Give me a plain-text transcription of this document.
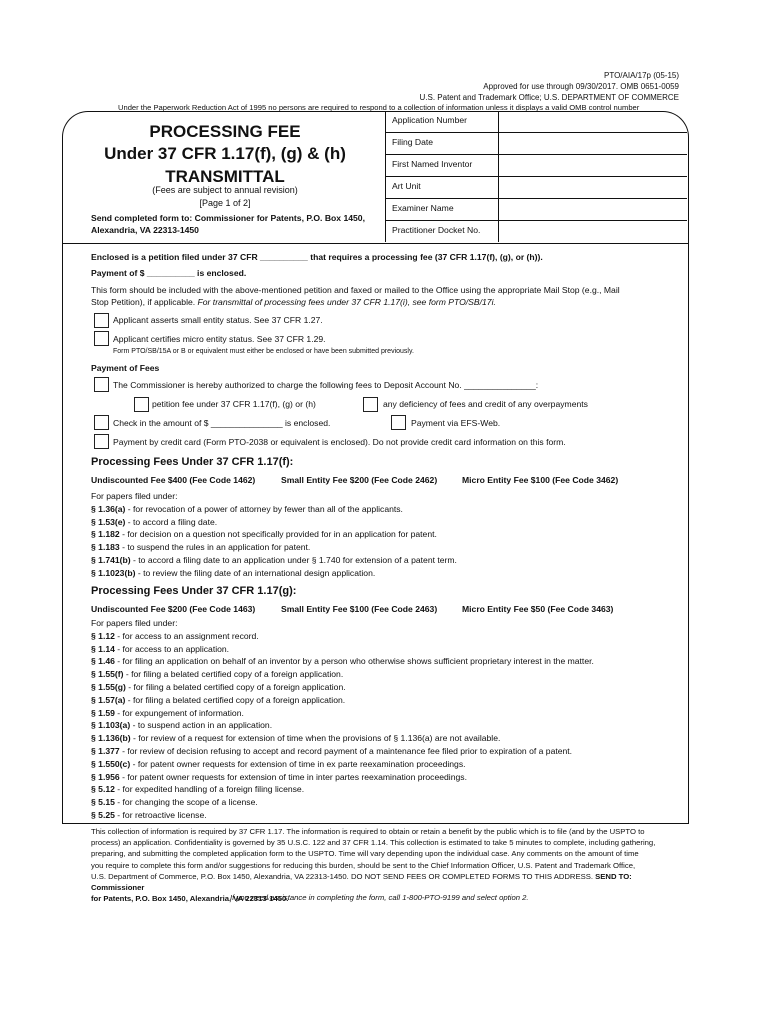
PTO/AIA/17p (05-15)
Approved for use through 09/30/2017. OMB 0651-0059
U.S. Patent and Trademark Office; U.S. DEPARTMENT OF COMMERCE
Under the Paperwork Reduction Act of 1995 no persons are required to respond to a collection of information unless it displays a valid OMB control number
PROCESSING FEE
Under 37 CFR 1.17(f), (g) & (h)
TRANSMITTAL
(Fees are subject to annual revision)
[Page 1 of 2]
Send completed form to: Commissioner for Patents, P.O. Box 1450,
Alexandria, VA 22313-1450
Application Number
Filing Date
First Named Inventor
Art Unit
Examiner Name
Practitioner Docket No.
Enclosed is a petition filed under 37 CFR __________ that requires a processing fee (37 CFR 1.17(f), (g), or (h)).
Payment of $ __________ is enclosed.
This form should be included with the above-mentioned petition and faxed or mailed to the Office using the appropriate Mail Stop (e.g., Mail
Stop Petition), if applicable. For transmittal of processing fees under 37 CFR 1.17(i), see form PTO/SB/17i.
Applicant asserts small entity status. See 37 CFR 1.27.
Applicant certifies micro entity status. See 37 CFR 1.29.
Form PTO/SB/15A or B or equivalent must either be enclosed or have been submitted previously.
Payment of Fees
The Commissioner is hereby authorized to charge the following fees to Deposit Account No. _______________:
petition fee under 37 CFR 1.17(f), (g) or (h)	any deficiency of fees and credit of any overpayments
Check in the amount of $ _______________ is enclosed.	Payment via EFS-Web.
Payment by credit card (Form PTO-2038 or equivalent is enclosed). Do not provide credit card information on this form.
Processing Fees Under 37 CFR 1.17(f):
Undiscounted Fee $400 (Fee Code 1462)	Small Entity Fee $200 (Fee Code 2462)	Micro Entity Fee $100 (Fee Code 3462)
For papers filed under:
§ 1.36(a) - for revocation of a power of attorney by fewer than all of the applicants.
§ 1.53(e) - to accord a filing date.
§ 1.182 - for decision on a question not specifically provided for in an application for patent.
§ 1.183 - to suspend the rules in an application for patent.
§ 1.741(b) - to accord a filing date to an application under § 1.740 for extension of a patent term.
§ 1.1023(b) - to review the filing date of an international design application.
Processing Fees Under 37 CFR 1.17(g):
Undiscounted Fee $200 (Fee Code 1463)	Small Entity Fee $100 (Fee Code 2463)	Micro Entity Fee $50 (Fee Code 3463)
For papers filed under:
§ 1.12 - for access to an assignment record.
§ 1.14 - for access to an application.
§ 1.46 - for filing an application on behalf of an inventor by a person who otherwise shows sufficient proprietary interest in the matter.
§ 1.55(f) - for filing a belated certified copy of a foreign application.
§ 1.55(g) - for filing a belated certified copy of a foreign application.
§ 1.57(a) - for filing a belated certified copy of a foreign application.
§ 1.59 - for expungement of information.
§ 1.103(a) - to suspend action in an application.
§ 1.136(b) - for review of a request for extension of time when the provisions of § 1.136(a) are not available.
§ 1.377 - for review of decision refusing to accept and record payment of a maintenance fee filed prior to expiration of a patent.
§ 1.550(c) - for patent owner requests for extension of time in ex parte reexamination proceedings.
§ 1.956 - for patent owner requests for extension of time in inter partes reexamination proceedings.
§ 5.12 - for expedited handling of a foreign filing license.
§ 5.15 - for changing the scope of a license.
§ 5.25 - for retroactive license.
This collection of information is required by 37 CFR 1.17. The information is required to obtain or retain a benefit by the public which is to file (and by the USPTO to
process) an application. Confidentiality is governed by 35 U.S.C. 122 and 37 CFR 1.14. This collection is estimated to take 5 minutes to complete, including gathering,
preparing, and submitting the completed application form to the USPTO. Time will vary depending upon the individual case. Any comments on the amount of time
you require to complete this form and/or suggestions for reducing this burden, should be sent to the Chief Information Officer, U.S. Patent and Trademark Office,
U.S. Department of Commerce, P.O. Box 1450, Alexandria, VA 22313-1450. DO NOT SEND FEES OR COMPLETED FORMS TO THIS ADDRESS. SEND TO: Commissioner
for Patents, P.O. Box 1450, Alexandria, VA 22313-1450.
If you need assistance in completing the form, call 1-800-PTO-9199 and select option 2.
